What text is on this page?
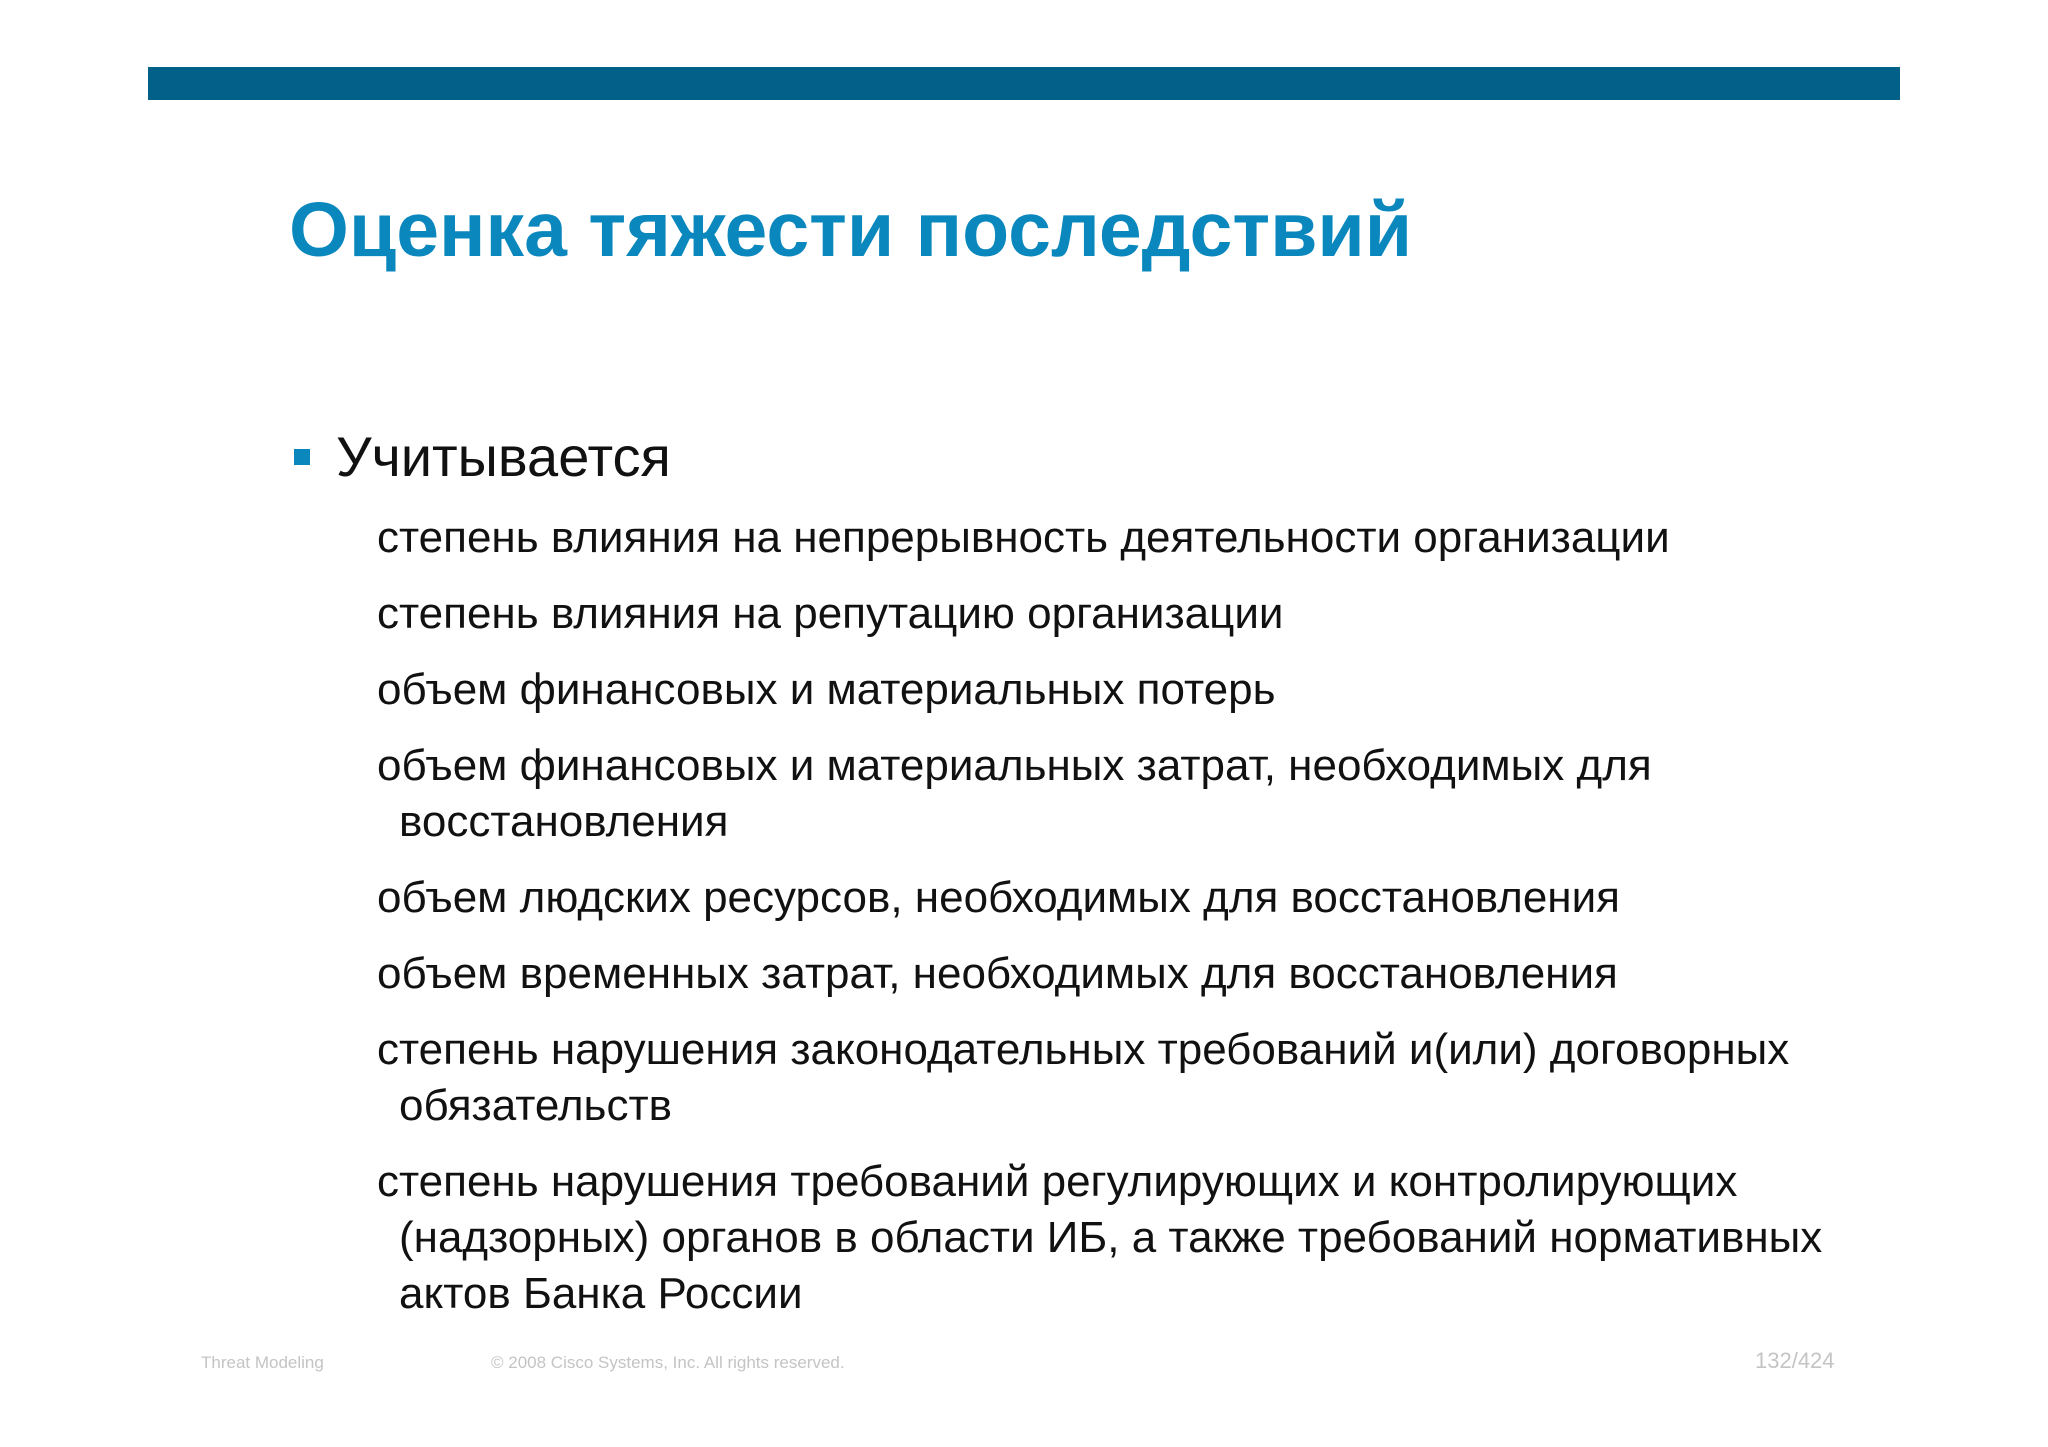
Оценка тяжести последствий
Учитывается
степень влияния на непрерывность деятельности организации
степень влияния на репутацию организации
объем финансовых и материальных потерь
объем финансовых и материальных затрат, необходимых для восстановления
объем людских ресурсов, необходимых для восстановления
объем временных затрат, необходимых для восстановления
степень нарушения законодательных требований и(или) договорных обязательств
степень нарушения требований регулирующих и контролирующих (надзорных) органов в области ИБ, а также требований нормативных актов Банка России
Threat Modeling	© 2008 Cisco Systems, Inc. All rights reserved.	132/424
